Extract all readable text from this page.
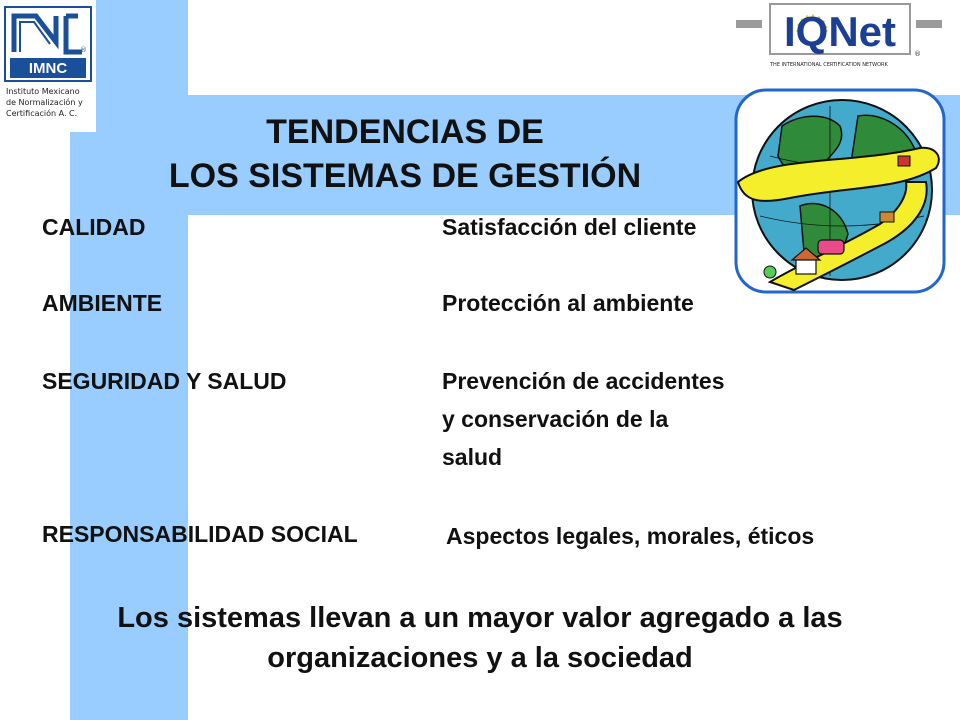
®
IMNC
Instituto Mexicano
de Normalización y
Certificación A. C.
IQNet	®
THE INTERNATIONAL CERTIFICATION NETWORK
TENDENCIAS DE
LOS SISTEMAS DE GESTIÓN
CALIDAD	Satisfacción del cliente
AMBIENTE	Protección al ambiente
SEGURIDAD Y SALUD	Prevención de accidentes
y conservación de la
salud
RESPONSABILIDAD SOCIAL	Aspectos legales, morales, éticos
Los sistemas llevan a un mayor valor agregado a las
organizaciones y a la sociedad
